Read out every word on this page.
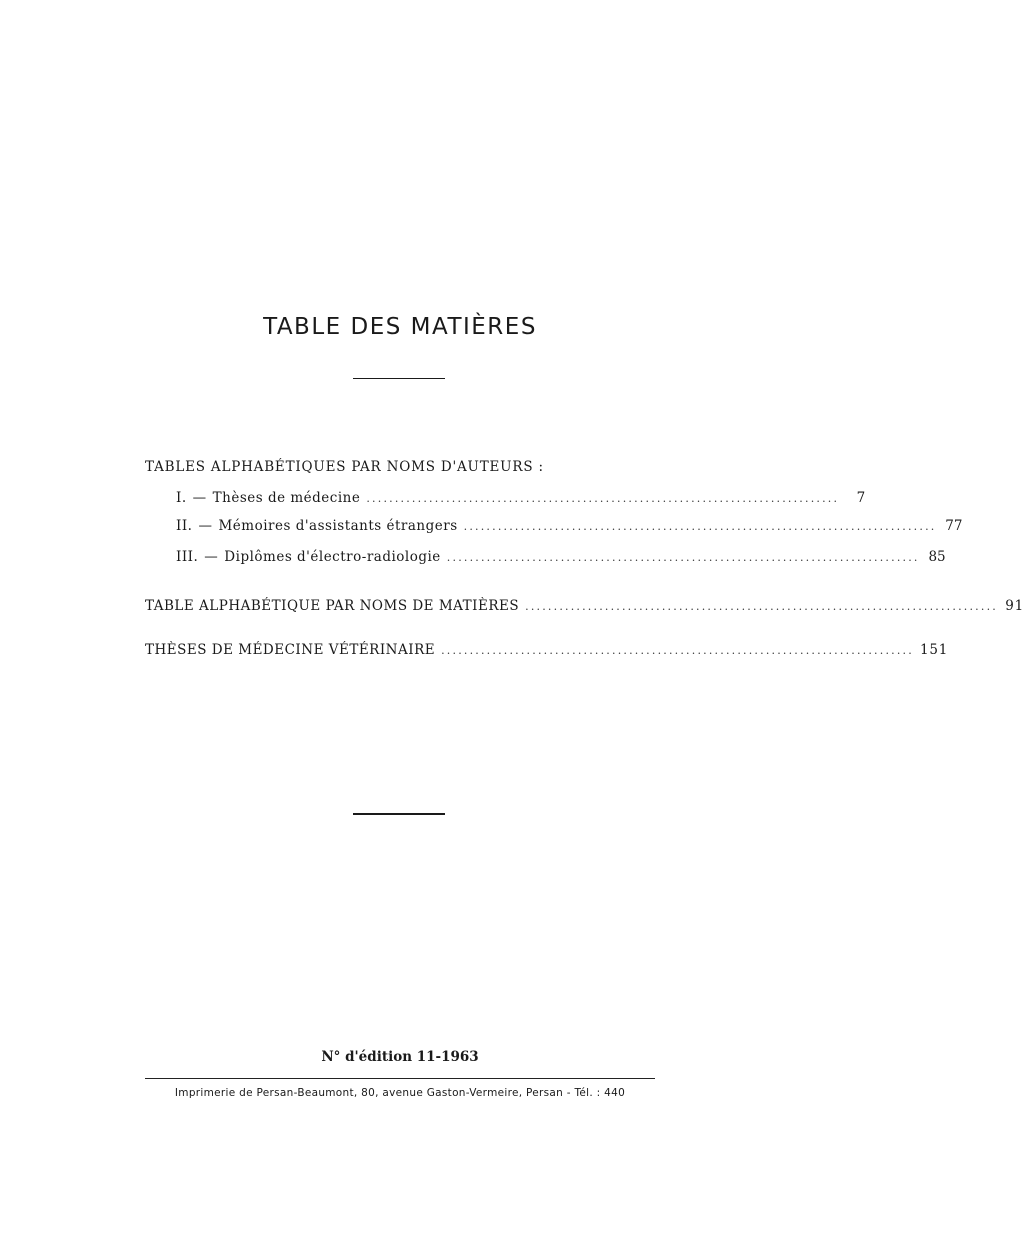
TABLE DES MATIÈRES
TABLES ALPHABÉTIQUES PAR NOMS D'AUTEURS :
I. — Thèses de médecine ...................................................................................	7
II. — Mémoires d'assistants étrangers ................................................................................... 77
III. — Diplômes d'électro-radiologie ................................................................................... 85
TABLE ALPHABÉTIQUE PAR NOMS DE MATIÈRES ................................................................................... 91
THÈSES DE MÉDECINE VÉTÉRINAIRE ................................................................................... 151
N° d'édition 11-1963
Imprimerie de Persan-Beaumont, 80, avenue Gaston-Vermeire, Persan - Tél. : 440
